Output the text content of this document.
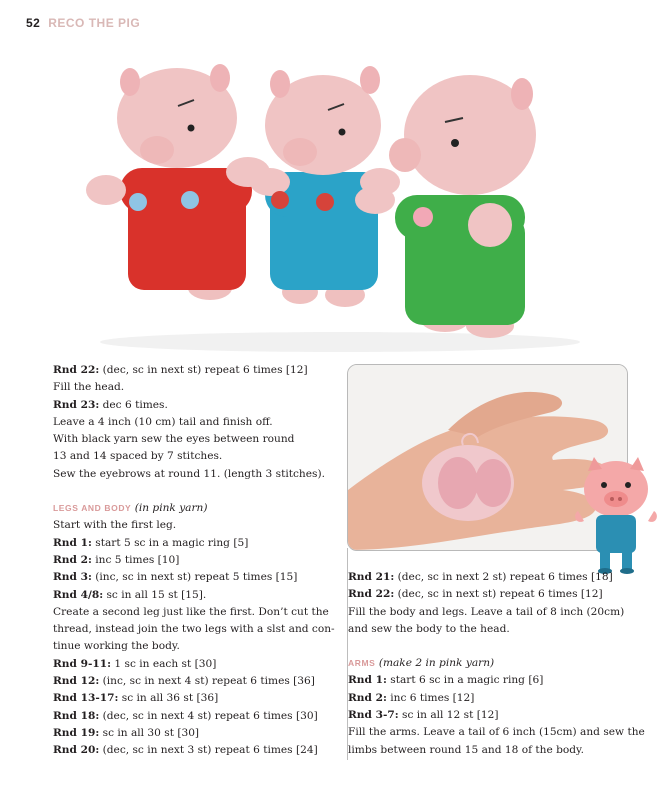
52 RECO THE PIG
Rnd 22: (dec, sc in next st) repeat 6 times [12]
Fill the head.
Rnd 23: dec 6 times.
Leave a 4 inch (10 cm) tail and finish off.
With black yarn sew the eyes between round
13 and 14 spaced by 7 stitches.
Sew the eyebrows at round 11. (length 3 stitches).
LEGS AND BODY (in pink yarn)
Start with the first leg.
Rnd 1: start 5 sc in a magic ring [5]
Rnd 2: inc 5 times [10]
Rnd 3: (inc, sc in next st) repeat 5 times [15]
Rnd 4/8: sc in all 15 st [15].
Create a second leg just like the first. Don’t cut the
thread, instead join the two legs with a slst and con-
tinue working the body.
Rnd 9-11: 1 sc in each st [30]
Rnd 12: (inc, sc in next 4 st) repeat 6 times [36]
Rnd 13-17: sc in all 36 st [36]
Rnd 18: (dec, sc in next 4 st) repeat 6 times [30]
Rnd 19: sc in all 30 st [30]
Rnd 20: (dec, sc in next 3 st) repeat 6 times [24]
Rnd 21: (dec, sc in next 2 st) repeat 6 times [18]
Rnd 22: (dec, sc in next st) repeat 6 times [12]
Fill the body and legs. Leave a tail of 8 inch (20cm)
and sew the body to the head.
ARMS (make 2 in pink yarn)
Rnd 1: start 6 sc in a magic ring [6]
Rnd 2: inc 6 times [12]
Rnd 3-7: sc in all 12 st [12]
Fill the arms. Leave a tail of 6 inch (15cm) and sew the
limbs between round 15 and 18 of the body.
